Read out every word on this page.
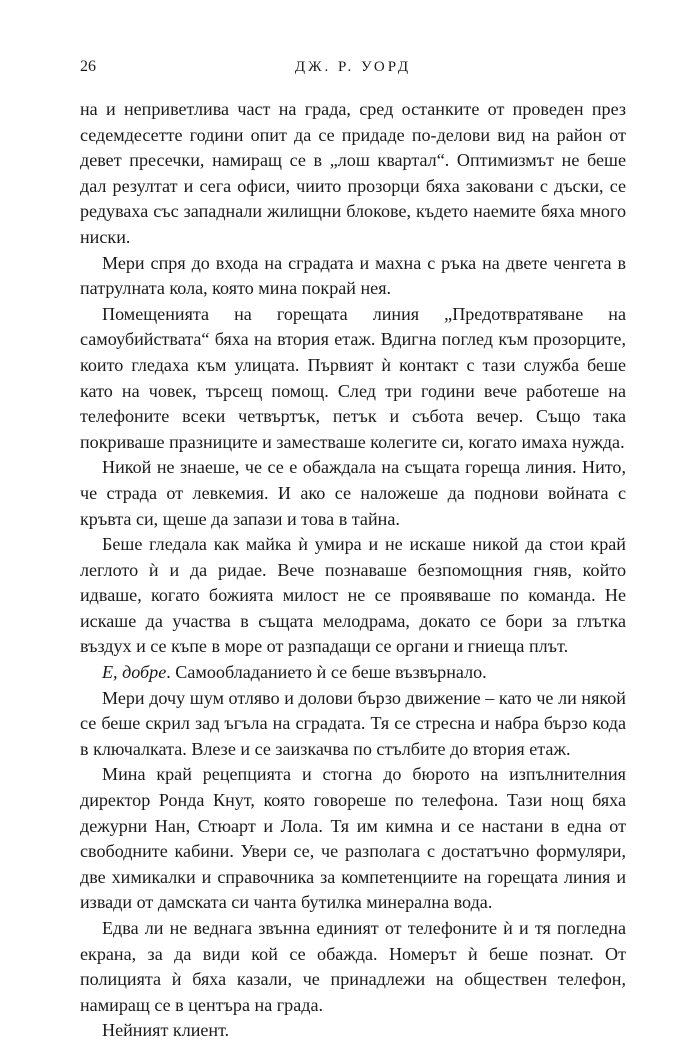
26	ДЖ. Р. УОРД

на и неприветлива част на града, сред останките от проведен през седемдесетте години опит да се придаде по-делови вид на район от девет пресечки, намиращ се в „лош квартал“. Оптимизмът не беше дал резултат и сега офиси, чиито прозорци бяха заковани с дъски, се редуваха със западнали жилищни блокове, където наемите бяха много ниски.

Мери спря до входа на сградата и махна с ръка на двете ченгета в патрулната кола, която мина покрай нея.

Помещенията на горещата линия „Предотвратяване на самоубийствата“ бяха на втория етаж. Вдигна поглед към прозорците, които гледаха към улицата. Първият ѝ контакт с тази служба беше като на човек, търсещ помощ. След три години вече работеше на телефоните всеки четвъртък, петък и събота вечер. Също така покриваше празниците и заместваше колегите си, когато имаха нужда.

Никой не знаеше, че се е обаждала на същата гореща линия. Нито, че страда от левкемия. И ако се наложеше да поднови войната с кръвта си, щеше да запази и това в тайна.

Беше гледала как майка ѝ умира и не искаше никой да стои край леглото ѝ и да ридае. Вече познаваше безпомощния гняв, който идваше, когато божията милост не се проявяваше по команда. Не искаше да участва в същата мелодрама, докато се бори за глътка въздух и се къпе в море от разпадащи се органи и гниеща плът.

Е, добре. Самообладанието ѝ се беше възвърнало.

Мери дочу шум отляво и долови бързо движение – като че ли някой се беше скрил зад ъгъла на сградата. Тя се стресна и набра бързо кода в ключалката. Влезе и се заизкачва по стълбите до втория етаж.

Мина край рецепцията и стогна до бюрото на изпълнителния директор Ронда Кнут, която говореше по телефона. Тази нощ бяха дежурни Нан, Стюарт и Лола. Тя им кимна и се настани в една от свободните кабини. Увери се, че разполага с достатъчно формуляри, две химикалки и справочника за компетенциите на горещата линия и извади от дамската си чанта бутилка минерална вода.

Едва ли не веднага звънна единият от телефоните ѝ и тя погледна екрана, за да види кой се обажда. Номерът ѝ беше познат. От полицията ѝ бяха казали, че принадлежи на обществен телефон, намиращ се в центъра на града.

Нейният клиент.
